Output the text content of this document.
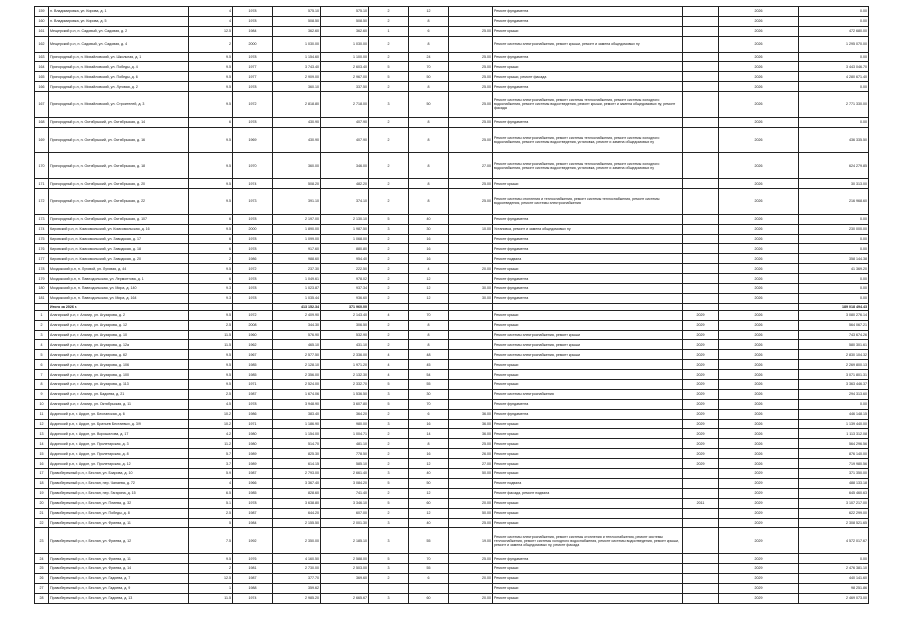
159	п. Владимировка, ул. Кирова, д. 1	4	1978	575.10	575.10	2	12		Ремонт фундамента		2026	0.00
160	п. Владимировка, ул. Кирова, д. 5	4	1978	508.50	508.50	2	8		Ремонт фундамента		2026	0.00
161	Мещерский р-н, п. Садовый, ул. Садовая, д. 2	12.5	1984	362.60	362.60	1	6	25.00	Ремонт крыши		2026	472 680.00
162	Мещерский р-н, п. Садовый, ул. Садовая, д. 4	2	2000	1 030.00	1 030.00	2	8		Ремонт системы электроснабжения, ремонт крыши, ремонт и замена общедомовых пу		2026	1 295 070.00
163	Пригородный р-н, п. Михайловский, ул. Школьная, д. 1	9.5	1978	1 154.60	1 100.00	2	24	25.00	Ремонт фундамента		2026	0.00
164	Пригородный р-н, п. Михайловский, ул. Победы, д. 4	9.5	1977	3 743.40	2 603.40	5	70	25.00	Ремонт крыши		2026	3 443 046.70
165	Пригородный р-н, п. Михайловский, ул. Победы, д. 6	9.5	1977	2 909.00	2 967.00	5	50	25.00	Ремонт крыши, ремонт фасада		2026	4 280 671.40
166	Пригородный р-н, п. Михайловский, ул. Луговая, д. 2	9.5	1978	360.10	337.50	2	8	25.00	Ремонт фундамента		2026	0.00
167	Пригородный р-н, п. Михайловский, ул. Строителей, д. 3	9.5	1972	2 818.80	2 718.00	3	50	25.00	Ремонт системы электроснабжения, ремонт системы теплоснабжения, ремонт системы холодного водоснабжения, ремонт системы водоотведения, ремонт крыши, ремонт и замена общедомовых пу, ремонт фасада		2026	2 771 330.00
168	Пригородный р-н, п. Октябрьский, ул. Октябрьская, д. 14	6	1978	430.90	407.90	2	8	25.00	Ремонт фундамента		2026	0.00
169	Пригородный р-н, п. Октябрьский, ул. Октябрьская, д. 16	9.5	1969	430.90	407.90	2	8	25.00	Ремонт системы электроснабжения, ремонт системы теплоснабжения, ремонт системы холодного водоснабжения, ремонт системы водоотведения, установка, ремонт и замена общедомовых пу		2026	436 335.50
170	Пригородный р-н, п. Октябрьский, ул. Октябрьская, д. 18	9.5	1970	360.00	346.00	2	8	27.00	Ремонт системы электроснабжения, ремонт системы теплоснабжения, ремонт системы холодного водоснабжения, ремонт системы водоотведения, установка, ремонт и замена общедомовых пу		2026	624 279.85
171	Пригородный р-н, п. Октябрьский, ул. Октябрьская, д. 20	9.5	1974	508.20	482.20	2	8	25.00	Ремонт крыши		2026	30 313.00
172	Пригородный р-н, п. Октябрьский, ул. Октябрьская, д. 22	9.5	1973	391.10	374.10	2	8	25.00	Ремонт системы отопления и теплоснабжения, ремонт системы теплоснабжения, ремонт системы водоотведения, ремонт системы электроснабжения		2026	216 968.60
173	Пригородный р-н, п. Октябрьский, ул. Октябрьская, д. 107	6	1978	2 197.00	2 130.10	5	40		Ремонт фундамента		2026	0.00
174	Кировский р-н, п. Комсомольский, ул. Комсомольская, д. 16	9.5	2000	1 890.00	1 987.50	3	30	10.00	Установка, ремонт и замена общедомовых пу		2026	230 000.00
175	Кировский р-н, п. Комсомольский, ул. Заводская, д. 17	6	1978	1 099.00	1 068.00	2	16		Ремонт фундамента		2026	0.00
176	Кировский р-н, п. Комсомольский, ул. Заводская, д. 18	6	1978	917.60	880.80	2	16		Ремонт фундамента		2026	0.00
177	Кировский р-н, п. Комсомольский, ул. Заводская, д. 20	2	1986	988.60	954.40	2	16		Ремонт подвала		2026	358 144.38
178	Моздокский р-н, п. Луговой, ул. Луговая, д. 44	9.5	1972	237.30	222.50	2	4	20.00	Ремонт крыши		2026	41 369.20
179	Моздокский р-н, п. Павлодольская, ул. Лермонтова, д. 1	6	1978	1 049.61	978.02	2	12		Ремонт фундамента		2026	0.00
180	Моздокский р-н, п. Павлодольская, ул. Мира, д. 140	9.3	1978	1 023.87	937.34	2	12	30.00	Ремонт фундамента		2026	0.00
181	Моздокский р-н, п. Павлодольская, ул. Мира, д. 164	9.3	1978	1 035.44	936.60	2	12	30.00	Ремонт фундамента		2026	0.00
	Итого за 2026 г.			413 152.34	371 960.00							189 018 494.43
1	Алагирский р-н, г. Алагир, ул. Агузарова, д. 2	9.5	1972	2 409.90	2 143.40	4	70		Ремонт крыши	2029	2026	3 080 276.14
2	Алагирский р-н, г. Алагир, ул. Агузарова, д. 12	2.5	2008	344.30	306.50	2	8		Ремонт крыши	2029	2026	564 067.21
3	Алагирский р-н, г. Алагир, ул. Агузарова, д. 10	11.5	1960	576.90	532.90	2	8		Ремонт системы электроснабжения, ремонт крыши	2029	2026	743 674.26
4	Алагирский р-н, г. Алагир, ул. Агузарова, д. 12а	11.5	1962	465.10	431.10	2	8		Ремонт системы электроснабжения, ремонт крыши	2029	2026	580 301.61
5	Алагирский р-н, г. Алагир, ул. Агузарова, д. 62	9.5	1967	2 577.50	2 336.00	4	48		Ремонт системы электроснабжения, ремонт крыши	2029	2026	2 830 104.32
6	Алагирский р-н, г. Алагир, ул. Агузарова, д. 106	9.5	1985	2 128.10	1 971.20	4	45		Ремонт крыши	2029	2026	2 269 800.13
7	Алагирский р-н, г. Алагир, ул. Агузарова, д. 100	9.5	1985	2 356.00	2 132.30	4	54		Ремонт крыши	2029	2026	3 071 801.31
8	Алагирский р-н, г. Алагир, ул. Агузарова, д. 113	9.5	1971	2 524.00	2 332.70	5	55		Ремонт крыши	2029	2026	3 363 446.37
9	Алагирский р-н, г. Алагир, ул. Бадоева, д. 21	2.5	1987	1 674.06	1 536.50	3	30		Ремонт системы электроснабжения	2029	2026	294 313.60
10	Алагирский р-н, г. Алагир, ул. Октябрьская, д. 11	4.5	1978	3 948.90	3 607.80	5	70		Ремонт фундамента	2029	2026	0.00
11	Ардонский р-н, г. Ардон, ул. Бесланская, д. 6	10.2	1986	383.40	364.20	2	6	36.00	Ремонт фундамента	2029	2026	446 148.15
12	Ардонский р-н, г. Ардон, ул. Братьев Бестаевых, д. 3/9	10.2	1971	1 186.90	980.00	3	16	36.00	Ремонт крыши	2029	2026	1 139 440.00
13	Ардонский р-н, г. Ардон, ул. Ворошилова, д. 17	4.2	1980	1 154.00	1 004.71	2	14	36.00	Ремонт крыши	2029	2026	1 113 312.08
14	Ардонский р-н, г. Ардон, ул. Пролетарская, д. 3	11.2	1980	514.70	481.10	2	8	25.00	Ремонт крыши	2029	2026	564 296.56
15	Ардонский р-н, г. Ардон, ул. Пролетарская, д. 8	5.7	1989	825.30	778.50	2	16	26.00	Ремонт крыши	2029	2026	876 140.00
16	Ардонский р-н, г. Ардон, ул. Пролетарская, д. 12	3.7	1989	614.15	585.10	2	12	27.00	Ремонт крыши	2029	2026	719 980.56
17	Правобережный р-н, г. Беслан, ул. Бзарова, д. 10	5.9	1987	2 793.00	2 661.40	3	40	50.00	Ремонт крыши		2029	371 350.00
18	Правобережный р-н, г. Беслан, пер. Чапаева, д. 72	4	1966	3 367.40	3 084.20	5	50		Ремонт подвала		2029	488 133.18
19	Правобережный р-н, г. Беслан, пер. Гагарина, д. 15	6.5	1985	828.60	741.40	2	12		Ремонт фасада, ремонт подвала		2029	645 460.63
20	Правобережный р-н, г. Беслан, ул. Плиева, д. 32	5.1	1978	3 638.80	3 346.10	5	60	20.00	Ремонт крыши	2011	2029	3 107 217.00
21	Правобережный р-н, г. Беслан, ул. Победы, д. 8	2.5	1987	644.20	607.00	2	12	50.00	Ремонт крыши		2029	622 299.00
22	Правобережный р-н, г. Беслан, ул. Фриева, д. 11	5	1984	2 155.50	2 001.30	3	40	25.00	Ремонт крыши		2029	2 308 521.65
23	Правобережный р-н, г. Беслан, ул. Фриева, д. 12	7.5	1992	2 350.00	2 185.10	3	55	19.00	Ремонт системы электроснабжения, ремонт системы отопления и теплоснабжения, ремонт системы теплоснабжения, ремонт системы холодного водоснабжения, ремонт системы водоотведения, ремонт крыши, ремонт и замена общедомовых пу, ремонт фасада		2029	4 572 017.67
24	Правобережный р-н, г. Беслан, ул. Фриева, д. 11	9.5	1976	4 160.50	2 588.00	5	70	25.00	Ремонт фундамента		2029	0.00
25	Правобережный р-н, г. Беслан, ул. Фриева, д. 14	2	1981	2 730.00	2 503.00	3	55		Ремонт крыши		2029	2 476 381.10
26	Правобережный р-н, г. Беслан, ул. Гадиева, д. 7	12.5	1987	377.70	369.60	2	6	20.00	Ремонт крыши		2029	440 141.60
27	Правобережный р-н, г. Беслан, ул. Гадиева, д. 9	1	1988	359.62					Ремонт крыши		2029	98 251.86
28	Правобережный р-н, г. Беслан, ул. Гадиева, д. 13	11.5	1974	2 985.20	2 665.67	3	60	20.00	Ремонт крыши		2029	2 469 073.00
